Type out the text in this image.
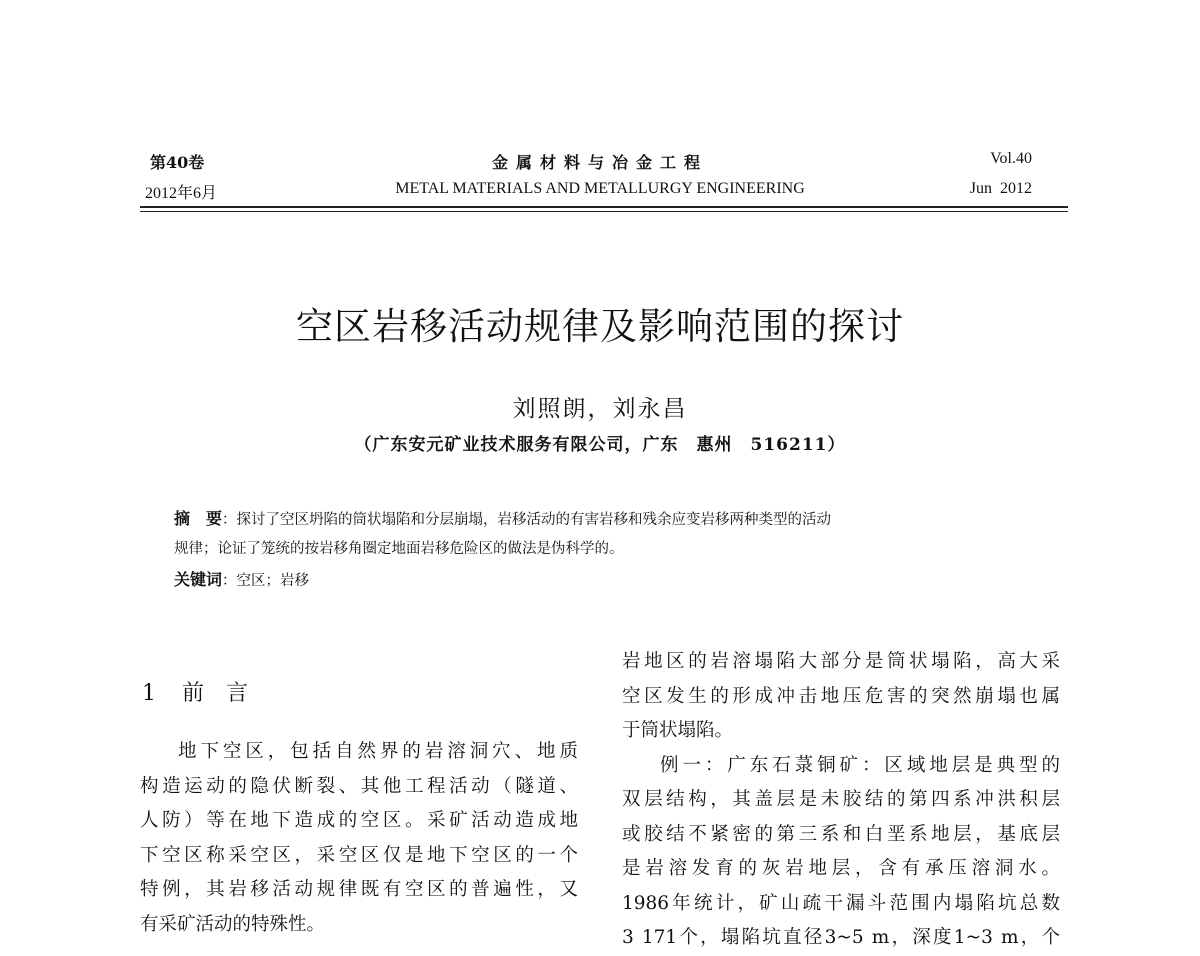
第40卷
2012年6月
金属材料与冶金工程
METAL MATERIALS AND METALLURGY ENGINEERING
Vol.40
Jun  2012
空区岩移活动规律及影响范围的探讨
刘照朗，刘永昌
（广东安元矿业技术服务有限公司，广东　惠州　516211）
摘　要：探讨了空区坍陷的筒状塌陷和分层崩塌，岩移活动的有害岩移和残余应变岩移两种类型的活动
规律；论证了笼统的按岩移角圈定地面岩移危险区的做法是伪科学的。
关键词：空区；岩移
1 前　言
地下空区，包括自然界的岩溶洞穴、地质
构造运动的隐伏断裂、其他工程活动（隧道、
人防）等在地下造成的空区。采矿活动造成地
下空区称采空区，采空区仅是地下空区的一个
特例，其岩移活动规律既有空区的普遍性，又
有采矿活动的特殊性。
岩地区的岩溶塌陷大部分是筒状塌陷，高大采
空区发生的形成冲击地压危害的突然崩塌也属
于筒状塌陷。
例一：广东石菉铜矿：区域地层是典型的
双层结构，其盖层是未胶结的第四系冲洪积层
或胶结不紧密的第三系和白垩系地层，基底层
是岩溶发育的灰岩地层，含有承压溶洞水。
1986年统计，矿山疏干漏斗范围内塌陷坑总数
3 171个，塌陷坑直径3~5 m，深度1~3 m，个
